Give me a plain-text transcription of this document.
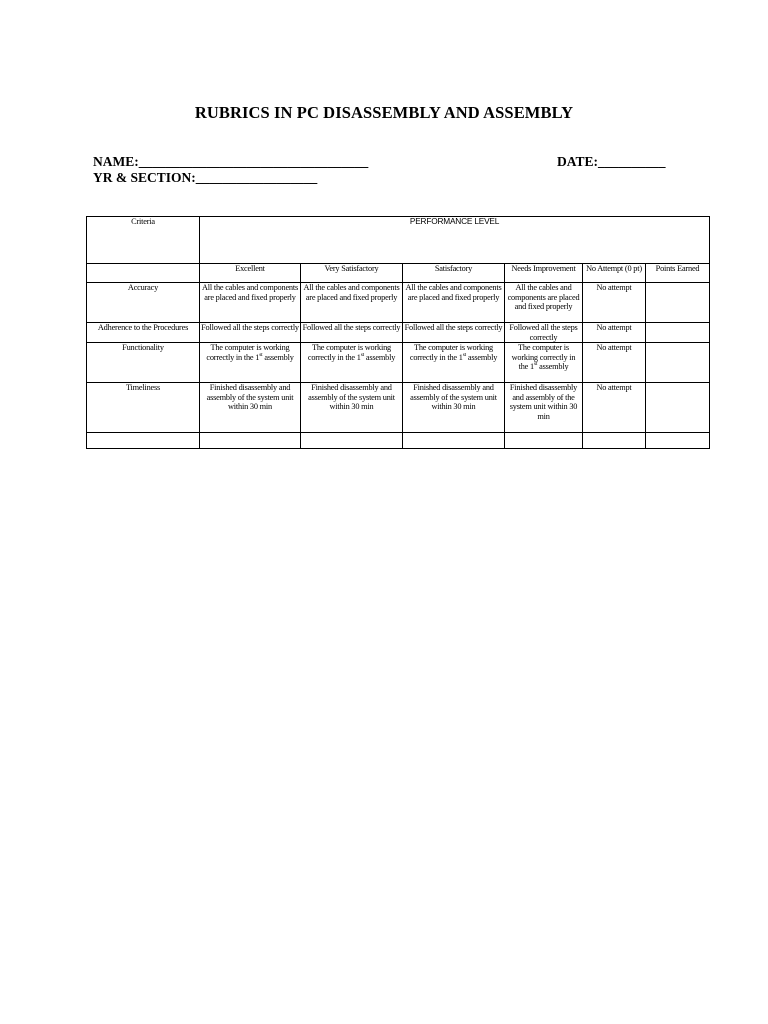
RUBRICS IN PC DISASSEMBLY AND ASSEMBLY
NAME:__________________________________	DATE:__________
YR & SECTION:__________________
Criteria	PERFORMANCE LEVEL					
	Excellent	Very Satisfactory	Satisfactory	Needs Improvement	No Attempt (0 pt)	Points Earned
Accuracy	All the cables and components are placed and fixed properly	All the cables and components are placed and fixed properly	All the cables and components are placed and fixed properly	All the cables and components are placed and fixed properly	No attempt	
Adherence to the Procedures	Followed all the steps correctly	Followed all the steps correctly	Followed all the steps correctly	Followed all the steps correctly	No attempt	
Functionality	The computer is working correctly in the 1st assembly	The computer is working correctly in the 1st assembly	The computer is working correctly in the 1st assembly	The computer is working correctly in the 1st assembly	No attempt	
Timeliness	Finished disassembly and assembly of the system unit within 30 min	Finished disassembly and assembly of the system unit within 30 min	Finished disassembly and assembly of the system unit within 30 min	Finished disassembly and assembly of the system unit within 30 min	No attempt	
